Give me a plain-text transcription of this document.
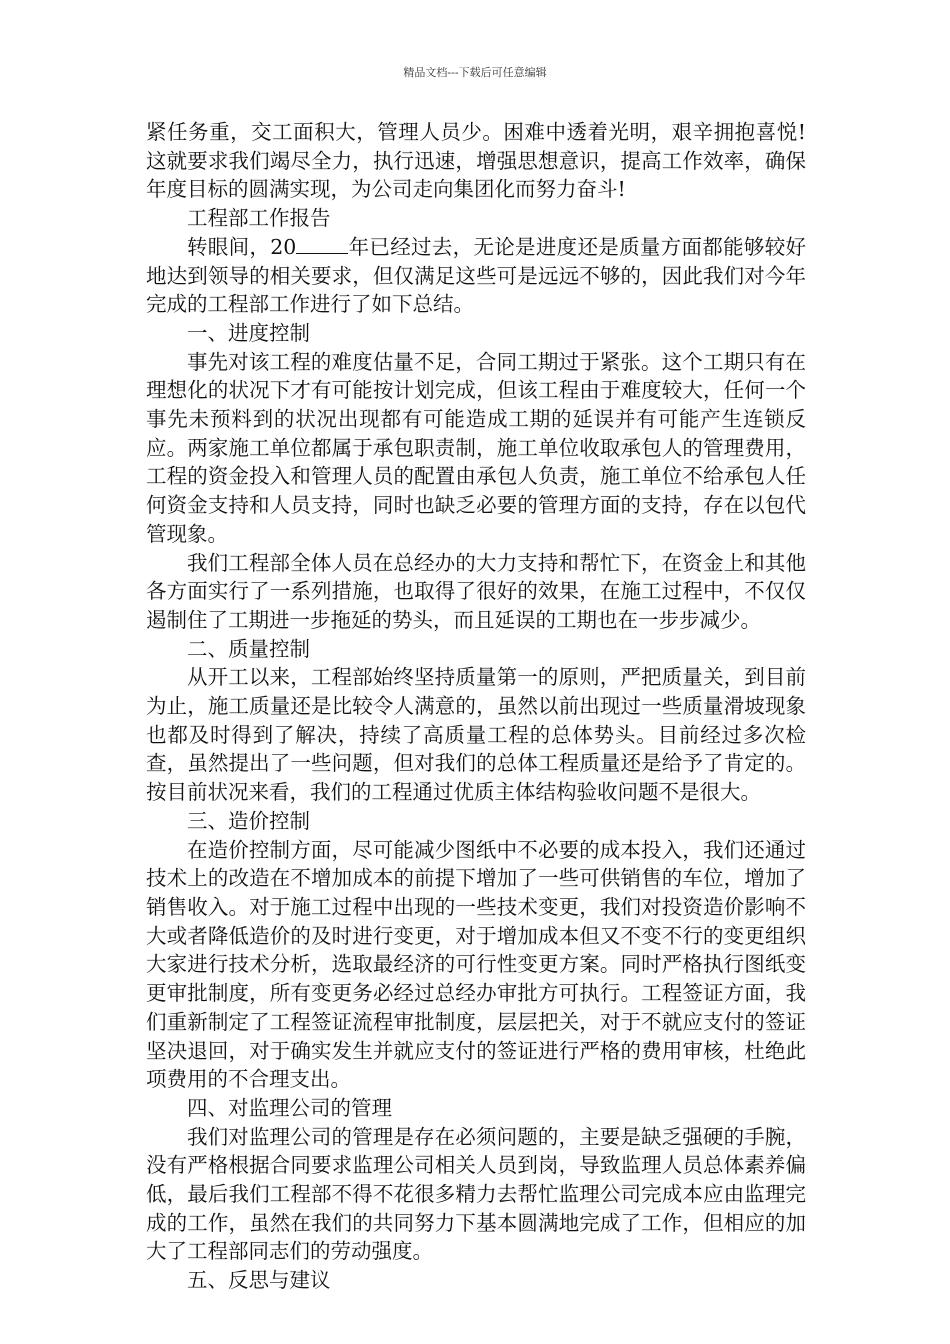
精品文档---下载后可任意编辑

紧任务重，交工面积大，管理人员少。困难中透着光明，艰辛拥抱喜悦!这就要求我们竭尽全力，执行迅速，增强思想意识，提高工作效率，确保年度目标的圆满实现，为公司走向集团化而努力奋斗!

工程部工作报告

转眼间，20	年已经过去，无论是进度还是质量方面都能够较好地达到领导的相关要求，但仅满足这些可是远远不够的，因此我们对今年完成的工程部工作进行了如下总结。

一、进度控制

事先对该工程的难度估量不足，合同工期过于紧张。这个工期只有在理想化的状况下才有可能按计划完成，但该工程由于难度较大，任何一个事先未预料到的状况出现都有可能造成工期的延误并有可能产生连锁反应。两家施工单位都属于承包职责制，施工单位收取承包人的管理费用，工程的资金投入和管理人员的配置由承包人负责，施工单位不给承包人任何资金支持和人员支持，同时也缺乏必要的管理方面的支持，存在以包代管现象。

我们工程部全体人员在总经办的大力支持和帮忙下，在资金上和其他各方面实行了一系列措施，也取得了很好的效果，在施工过程中，不仅仅遏制住了工期进一步拖延的势头，而且延误的工期也在一步步减少。

二、质量控制

从开工以来，工程部始终坚持质量第一的原则，严把质量关，到目前为止，施工质量还是比较令人满意的，虽然以前出现过一些质量滑坡现象也都及时得到了解决，持续了高质量工程的总体势头。目前经过多次检查，虽然提出了一些问题，但对我们的总体工程质量还是给予了肯定的。按目前状况来看，我们的工程通过优质主体结构验收问题不是很大。

三、造价控制

在造价控制方面，尽可能减少图纸中不必要的成本投入，我们还通过技术上的改造在不增加成本的前提下增加了一些可供销售的车位，增加了销售收入。对于施工过程中出现的一些技术变更，我们对投资造价影响不大或者降低造价的及时进行变更，对于增加成本但又不变不行的变更组织大家进行技术分析，选取最经济的可行性变更方案。同时严格执行图纸变更审批制度，所有变更务必经过总经办审批方可执行。工程签证方面，我们重新制定了工程签证流程审批制度，层层把关，对于不就应支付的签证坚决退回，对于确实发生并就应支付的签证进行严格的费用审核，杜绝此项费用的不合理支出。

四、对监理公司的管理

我们对监理公司的管理是存在必须问题的，主要是缺乏强硬的手腕，没有严格根据合同要求监理公司相关人员到岗，导致监理人员总体素养偏低，最后我们工程部不得不花很多精力去帮忙监理公司完成本应由监理完成的工作，虽然在我们的共同努力下基本圆满地完成了工作，但相应的加大了工程部同志们的劳动强度。

五、反思与建议
